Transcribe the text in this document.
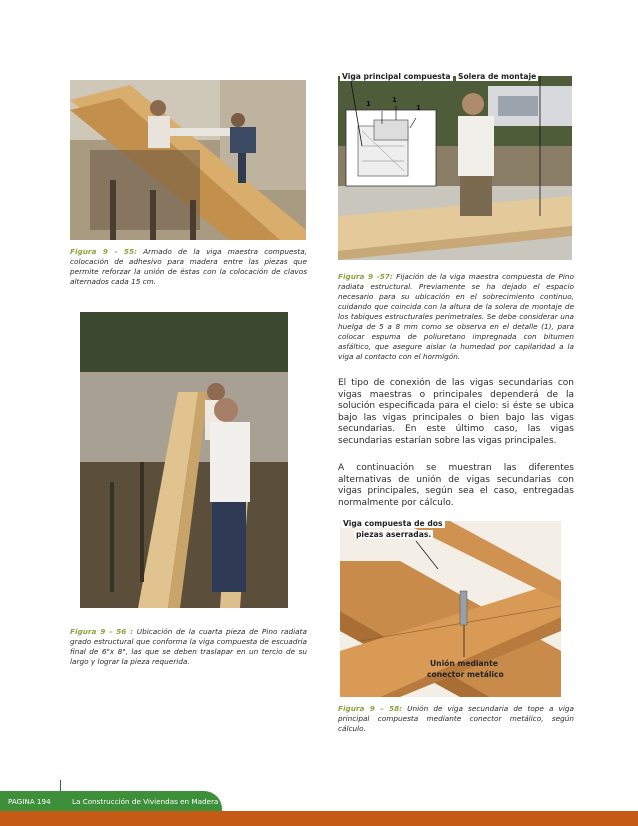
Figura 9 - 55: Armado de la viga maestra compuesta, colocación de adhesivo para madera entre las piezas que permite reforzar la unión de éstas con la colocación de clavos alternados cada 15 cm.
Figura 9 - 56 : Ubicación de la cuarta pieza de Pino radiata grado estructural que conforma la viga compuesta de escuadría final de 6"x 8", las que se deben traslapar en un tercio de su largo y lograr la pieza requerida.
1	1
1
Viga principal compuesta Solera de montaje
Figura 9 -57: Fijación de la viga maestra compuesta de Pino radiata estructural. Previamente se ha dejado el espacio necesario para su ubicación en el sobrecimiento continuo, cuidando que coincida con la altura de la solera de montaje de los tabiques estructurales perimetrales. Se debe considerar una huelga de 5 a 8 mm como se observa en el detalle (1), para colocar espuma de poliuretano impregnada con bitumen asfáltico, que asegure aislar la humedad por capilaridad a la viga al contacto con el hormigón.

El tipo de conexión de las vigas secundarias con vigas maestras o principales dependerá de la solución especificada para el cielo: si éste se ubica bajo las vigas principales o bien bajo las vigas secundarias. En este último caso, las vigas secundarias estarían sobre las vigas principales.

A continuación se muestran las diferentes alternativas de unión de vigas secundarias con vigas principales, según sea el caso, entregadas normalmente por cálculo.

Viga compuesta de dos
piezas aserradas.
Unión mediante
conector metálico
Figura 9 – 58: Unión de viga secundaria de tope a viga principal compuesta mediante conector metálico, según cálculo.
PAGINA 194	La Construcción de Viviendas en Madera
